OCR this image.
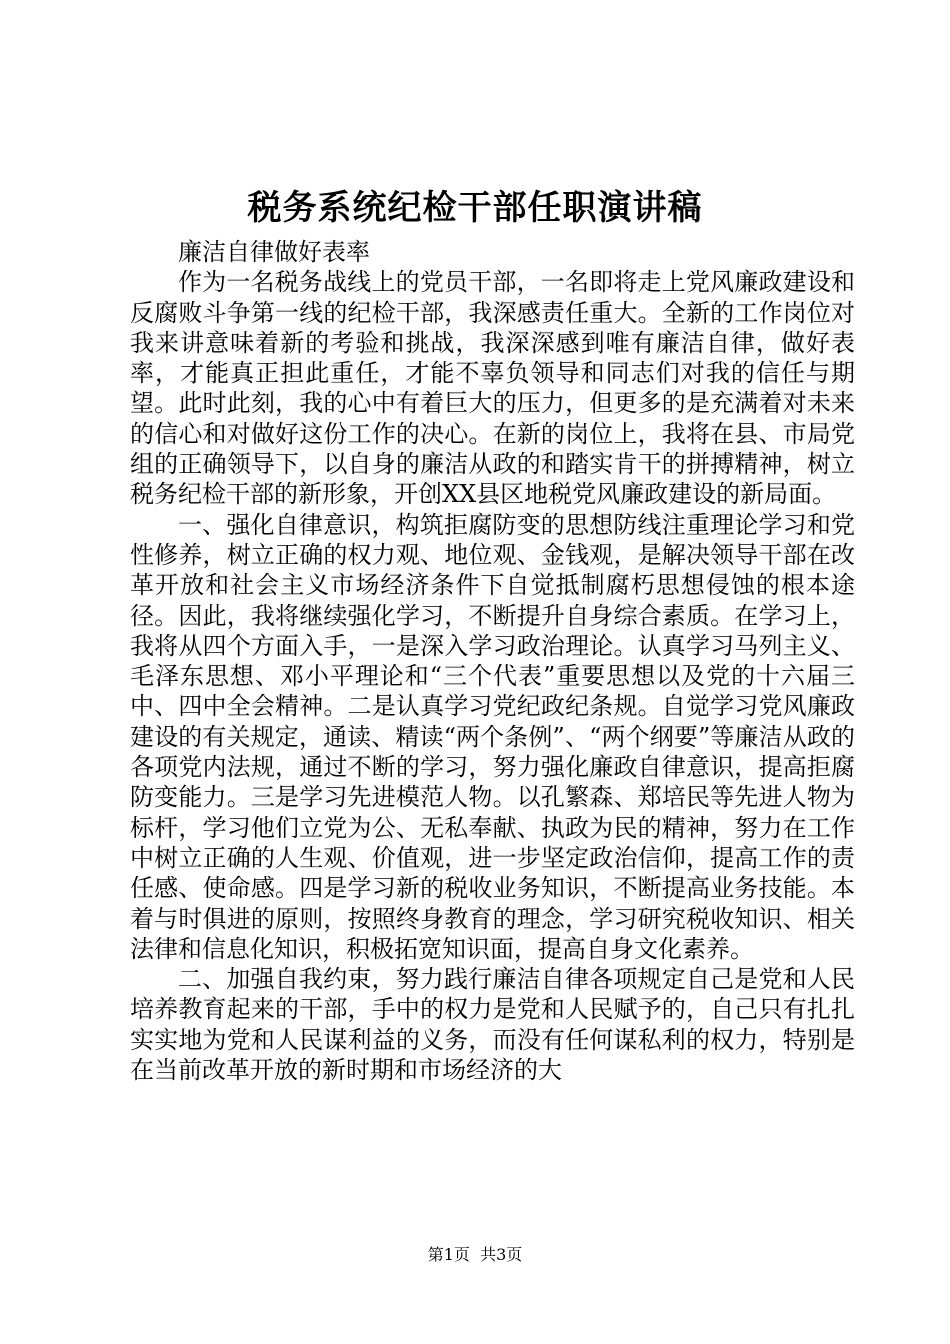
税务系统纪检干部任职演讲稿

廉洁自律做好表率

作为一名税务战线上的党员干部，一名即将走上党风廉政建设和反腐败斗争第一线的纪检干部，我深感责任重大。全新的工作岗位对我来讲意味着新的考验和挑战，我深深感到唯有廉洁自律，做好表率，才能真正担此重任，才能不辜负领导和同志们对我的信任与期望。此时此刻，我的心中有着巨大的压力，但更多的是充满着对未来的信心和对做好这份工作的决心。在新的岗位上，我将在县、市局党组的正确领导下，以自身的廉洁从政的和踏实肯干的拼搏精神，树立税务纪检干部的新形象，开创XX县区地税党风廉政建设的新局面。

一、强化自律意识，构筑拒腐防变的思想防线注重理论学习和党性修养，树立正确的权力观、地位观、金钱观，是解决领导干部在改革开放和社会主义市场经济条件下自觉抵制腐朽思想侵蚀的根本途径。因此，我将继续强化学习，不断提升自身综合素质。在学习上，我将从四个方面入手，一是深入学习政治理论。认真学习马列主义、毛泽东思想、邓小平理论和“三个代表”重要思想以及党的十六届三中、四中全会精神。二是认真学习党纪政纪条规。自觉学习党风廉政建设的有关规定，通读、精读“两个条例”、“两个纲要”等廉洁从政的各项党内法规，通过不断的学习，努力强化廉政自律意识，提高拒腐防变能力。三是学习先进模范人物。以孔繁森、郑培民等先进人物为标杆，学习他们立党为公、无私奉献、执政为民的精神，努力在工作中树立正确的人生观、价值观，进一步坚定政治信仰，提高工作的责任感、使命感。四是学习新的税收业务知识，不断提高业务技能。本着与时俱进的原则，按照终身教育的理念，学习研究税收知识、相关法律和信息化知识，积极拓宽知识面，提高自身文化素养。

二、加强自我约束，努力践行廉洁自律各项规定自己是党和人民培养教育起来的干部，手中的权力是党和人民赋予的，自己只有扎扎实实地为党和人民谋利益的义务，而没有任何谋私利的权力，特别是在当前改革开放的新时期和市场经济的大

第1页 共3页
